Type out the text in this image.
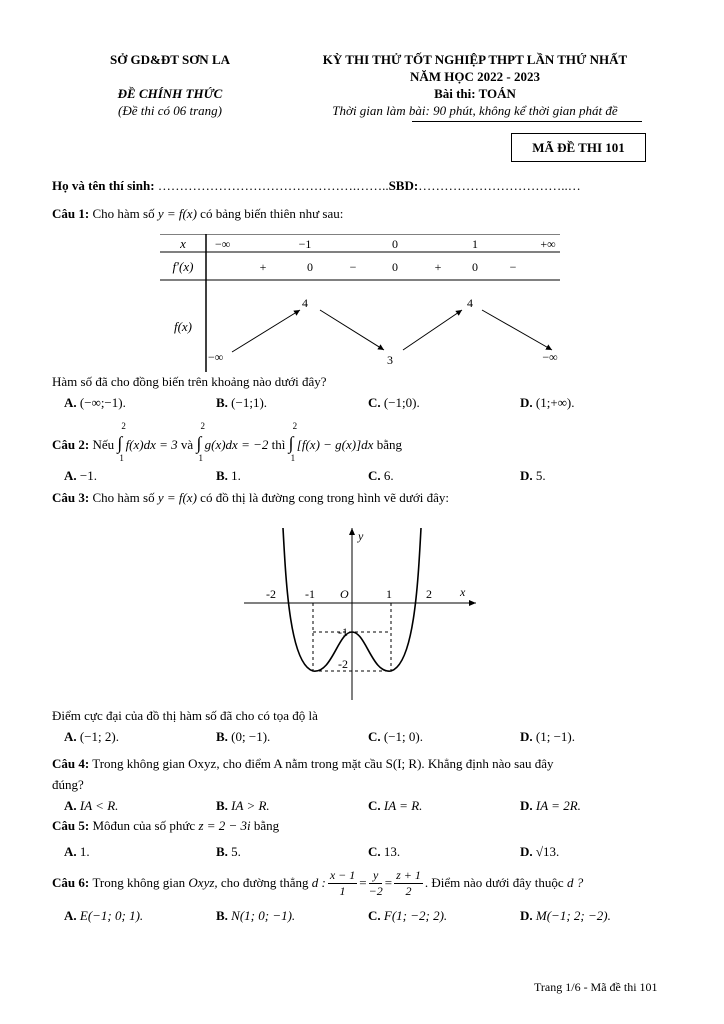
SỞ GD&ĐT SƠN LA
ĐỀ CHÍNH THỨC
(Đề thi có 06 trang)
KỲ THI THỬ TỐT NGHIỆP THPT LẦN THỨ NHẤT
NĂM HỌC 2022 - 2023
Bài thi: TOÁN
Thời gian làm bài: 90 phút, không kể thời gian phát đề
MÃ ĐỀ THI 101
Họ và tên thí sinh: ……………………………………….……..SBD:……………………………..…
Câu 1: Cho hàm số y = f(x) có bảng biến thiên như sau:
x −∞	−1	0	1	+∞
f′(x)	+	0	−	0	+	0	−
f(x)
−∞
4
3
4
−∞
Hàm số đã cho đồng biến trên khoảng nào dưới đây?
A. (−∞;−1).	B. (−1;1).	C. (−1;0).	D. (1;+∞).
Câu 2: Nếu ∫
2
1
f(x)dx = 3 và ∫
2
1
g(x)dx = −2 thì ∫
2
1
[f(x) − g(x)]dx bằng
A. −1.	B. 1.	C. 6.	D. 5.
Câu 3: Cho hàm số y = f(x) có đồ thị là đường cong trong hình vẽ dưới đây:
x
y
O
-2 -1	1	2
-1
-2
Điểm cực đại của đồ thị hàm số đã cho có tọa độ là
A. (−1; 2).	B. (0; −1).	C. (−1; 0).	D. (1; −1).
Câu 4: Trong không gian Oxyz, cho điểm A nằm trong mặt cầu S(I; R). Khẳng định nào sau đây
đúng?
A. IA < R.	B. IA > R.	C. IA = R.	D. IA = 2R.
Câu 5: Môđun của số phức z = 2 − 3i bằng
A. 1.	B. 5.	C. 13.	D. √13.
Câu 6:
Trong không gian
Oxyz,
cho đường thẳng
d :
x − 1
1
=
y
−2
=
z + 1
2
. Điểm nào dưới đây thuộc
d ?
A. E(−1; 0; 1).	B. N(1; 0; −1).	C. F(1; −2; 2).	D. M(−1; 2; −2).
Trang 1/6 - Mã đề thi 101
